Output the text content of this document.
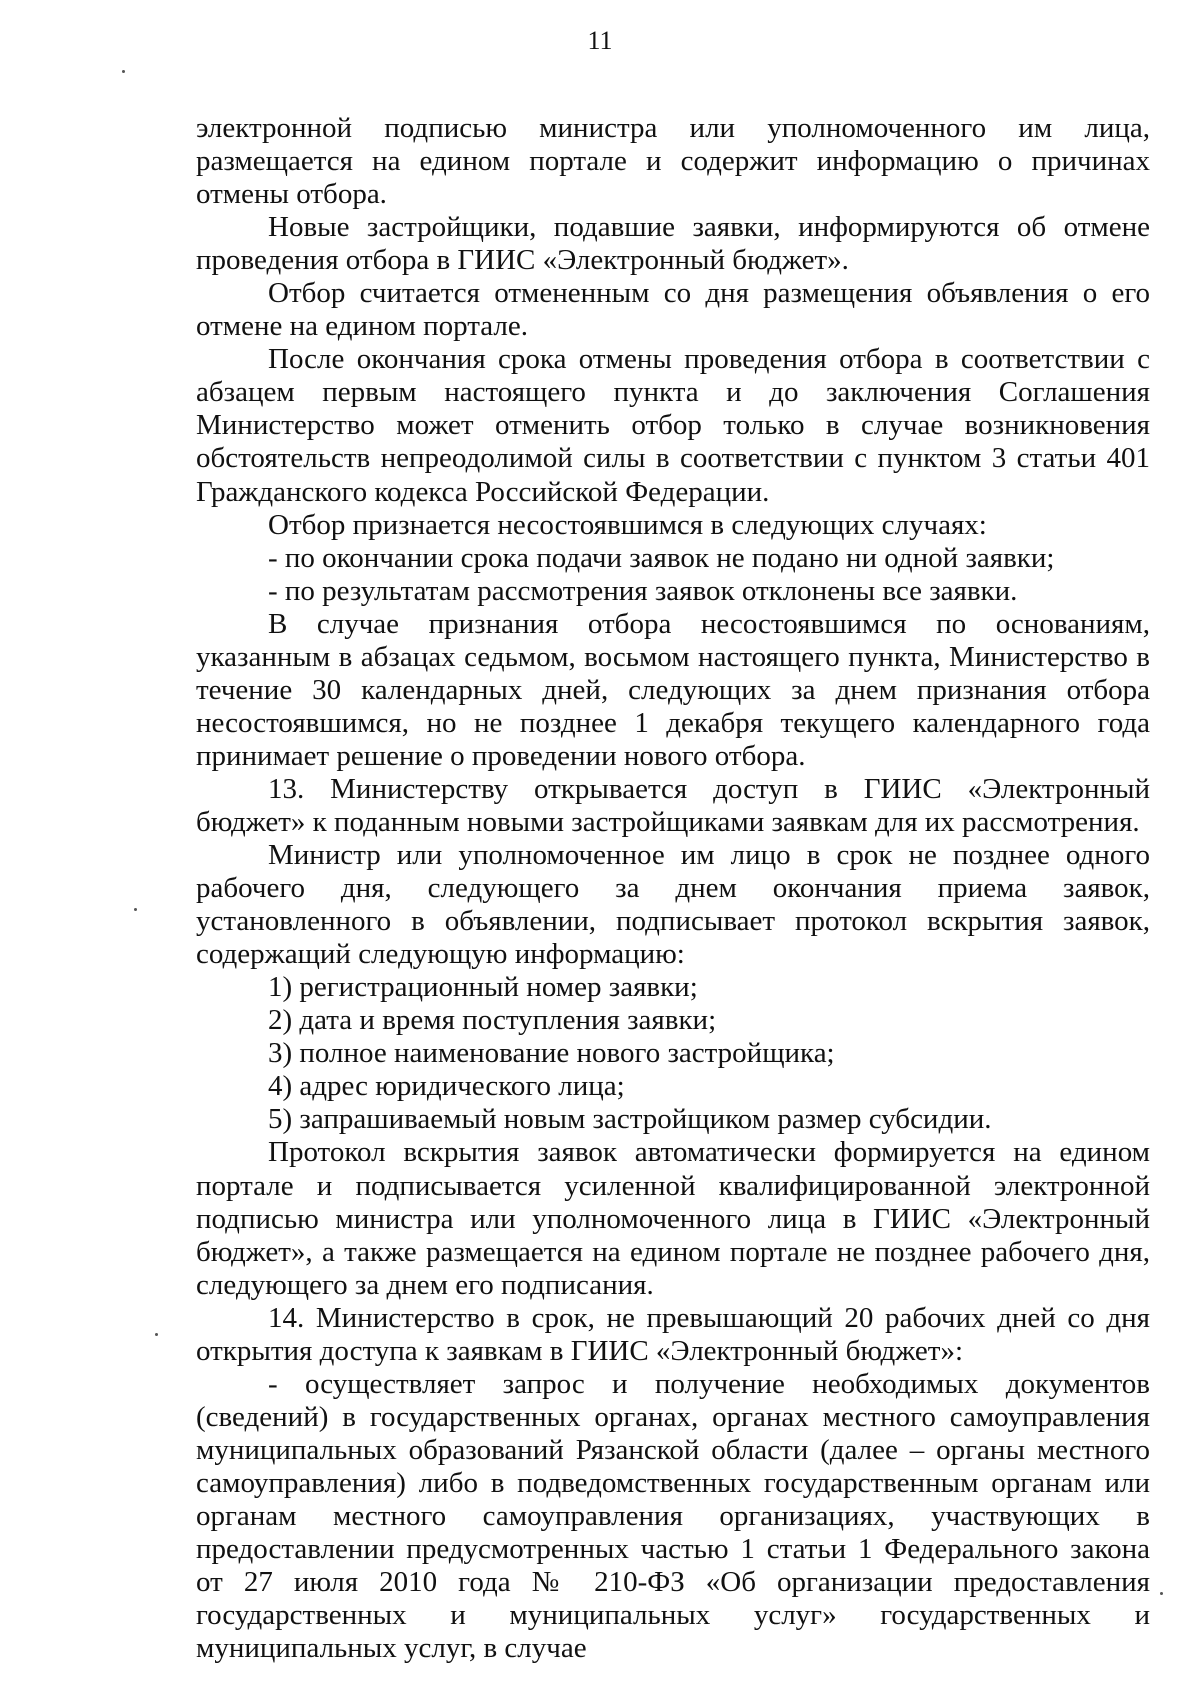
11

электронной подписью министра или уполномоченного им лица, размещается на едином портале и содержит информацию о причинах отмены отбора.

Новые застройщики, подавшие заявки, информируются об отмене проведения отбора в ГИИС «Электронный бюджет».

Отбор считается отмененным со дня размещения объявления о его отмене на едином портале.

После окончания срока отмены проведения отбора в соответствии с абзацем первым настоящего пункта и до заключения Соглашения Министерство может отменить отбор только в случае возникновения обстоятельств непреодолимой силы в соответствии с пунктом 3 статьи 401 Гражданского кодекса Российской Федерации.

Отбор признается несостоявшимся в следующих случаях:

- по окончании срока подачи заявок не подано ни одной заявки;

- по результатам рассмотрения заявок отклонены все заявки.

В случае признания отбора несостоявшимся по основаниям, указанным в абзацах седьмом, восьмом настоящего пункта, Министерство в течение 30 календарных дней, следующих за днем признания отбора несостоявшимся, но не позднее 1 декабря текущего календарного года принимает решение о проведении нового отбора.

13. Министерству открывается доступ в ГИИС «Электронный бюджет» к поданным новыми застройщиками заявкам для их рассмотрения.

Министр или уполномоченное им лицо в срок не позднее одного рабочего дня, следующего за днем окончания приема заявок, установленного в объявлении, подписывает протокол вскрытия заявок, содержащий следующую информацию:

1) регистрационный номер заявки;

2) дата и время поступления заявки;

3) полное наименование нового застройщика;

4) адрес юридического лица;

5) запрашиваемый новым застройщиком размер субсидии.

Протокол вскрытия заявок автоматически формируется на едином портале и подписывается усиленной квалифицированной электронной подписью министра или уполномоченного лица в ГИИС «Электронный бюджет», а также размещается на едином портале не позднее рабочего дня, следующего за днем его подписания.

14. Министерство в срок, не превышающий 20 рабочих дней со дня открытия доступа к заявкам в ГИИС «Электронный бюджет»:

- осуществляет запрос и получение необходимых документов (сведений) в государственных органах, органах местного самоуправления муниципальных образований Рязанской области (далее – органы местного самоуправления) либо в подведомственных государственным органам или органам местного самоуправления организациях, участвующих в предоставлении предусмотренных частью 1 статьи 1 Федерального закона от 27 июля 2010 года № 210-ФЗ «Об организации предоставления государственных и муниципальных услуг» государственных и муниципальных услуг, в случае
